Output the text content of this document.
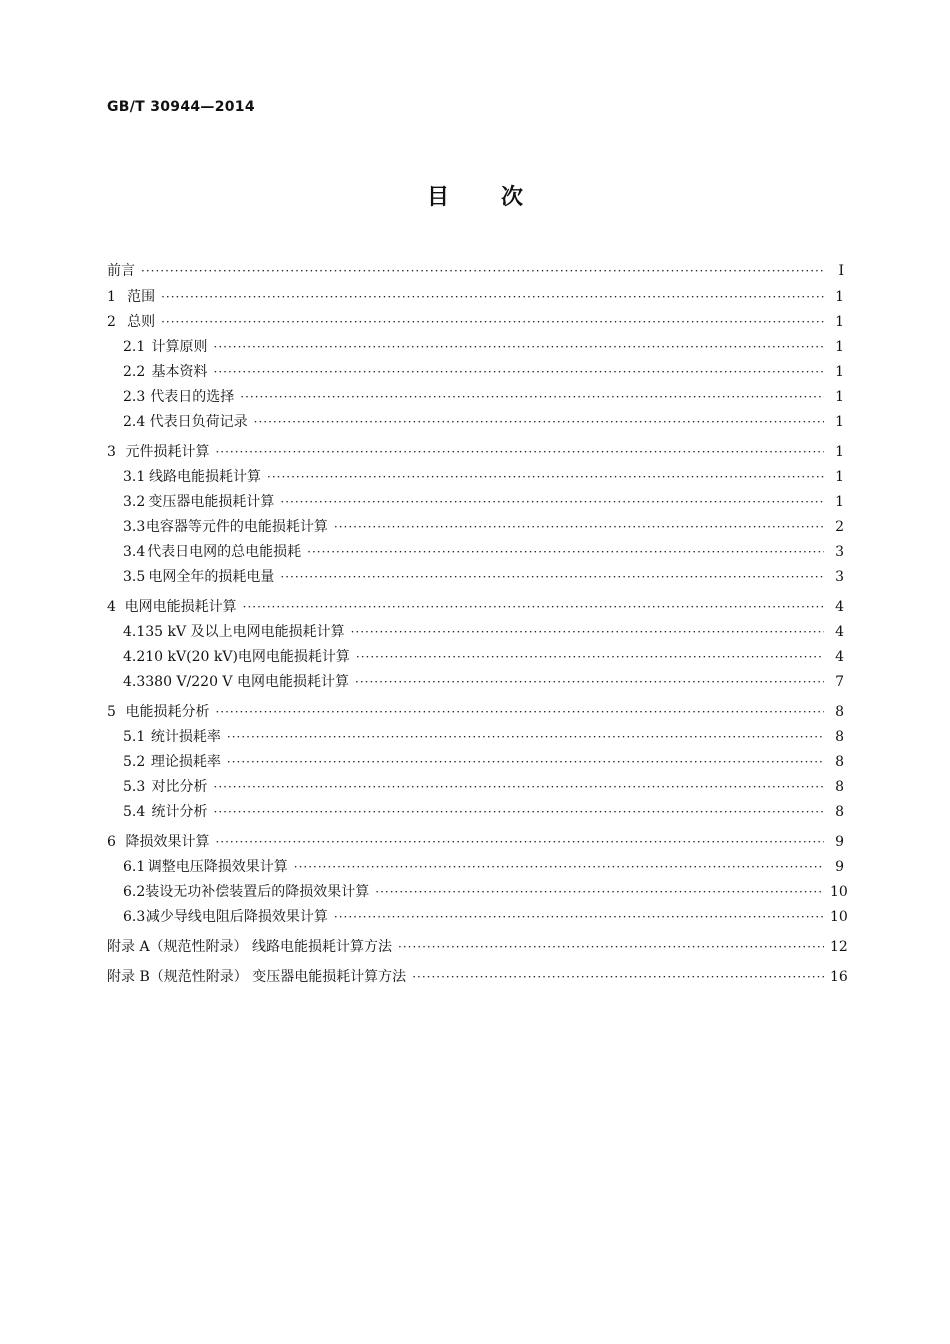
GB/T 30944—2014
目次
前言 ·····	Ⅰ
1 范围 ·····	1
2 总则 ·····	1
2.1 计算原则 ·····	1
2.2 基本资料 ·····	1
2.3 代表日的选择 ·····	1
2.4 代表日负荷记录 ·····	1
3 元件损耗计算 ·····	1
3.1 线路电能损耗计算 ·····	1
3.2 变压器电能损耗计算 ·····	1
3.3 电容器等元件的电能损耗计算 ·····	2
3.4 代表日电网的总电能损耗 ·····	3
3.5 电网全年的损耗电量 ·····	3
4 电网电能损耗计算 ·····	4
4.1 35 kV 及以上电网电能损耗计算 ·····	4
4.2 10 kV(20 kV)电网电能损耗计算 ·····	4
4.3 380 V/220 V 电网电能损耗计算 ·····	7
5 电能损耗分析 ·····	8
5.1 统计损耗率 ·····	8
5.2 理论损耗率 ·····	8
5.3 对比分析 ·····	8
5.4 统计分析 ·····	8
6 降损效果计算 ·····	9
6.1 调整电压降损效果计算 ·····	9
6.2 装设无功补偿装置后的降损效果计算 ·····	10
6.3 减少导线电阻后降损效果计算 ·····	10
附录 A（规范性附录） 线路电能损耗计算方法 ·····	12
附录 B（规范性附录） 变压器电能损耗计算方法 ·····	16
